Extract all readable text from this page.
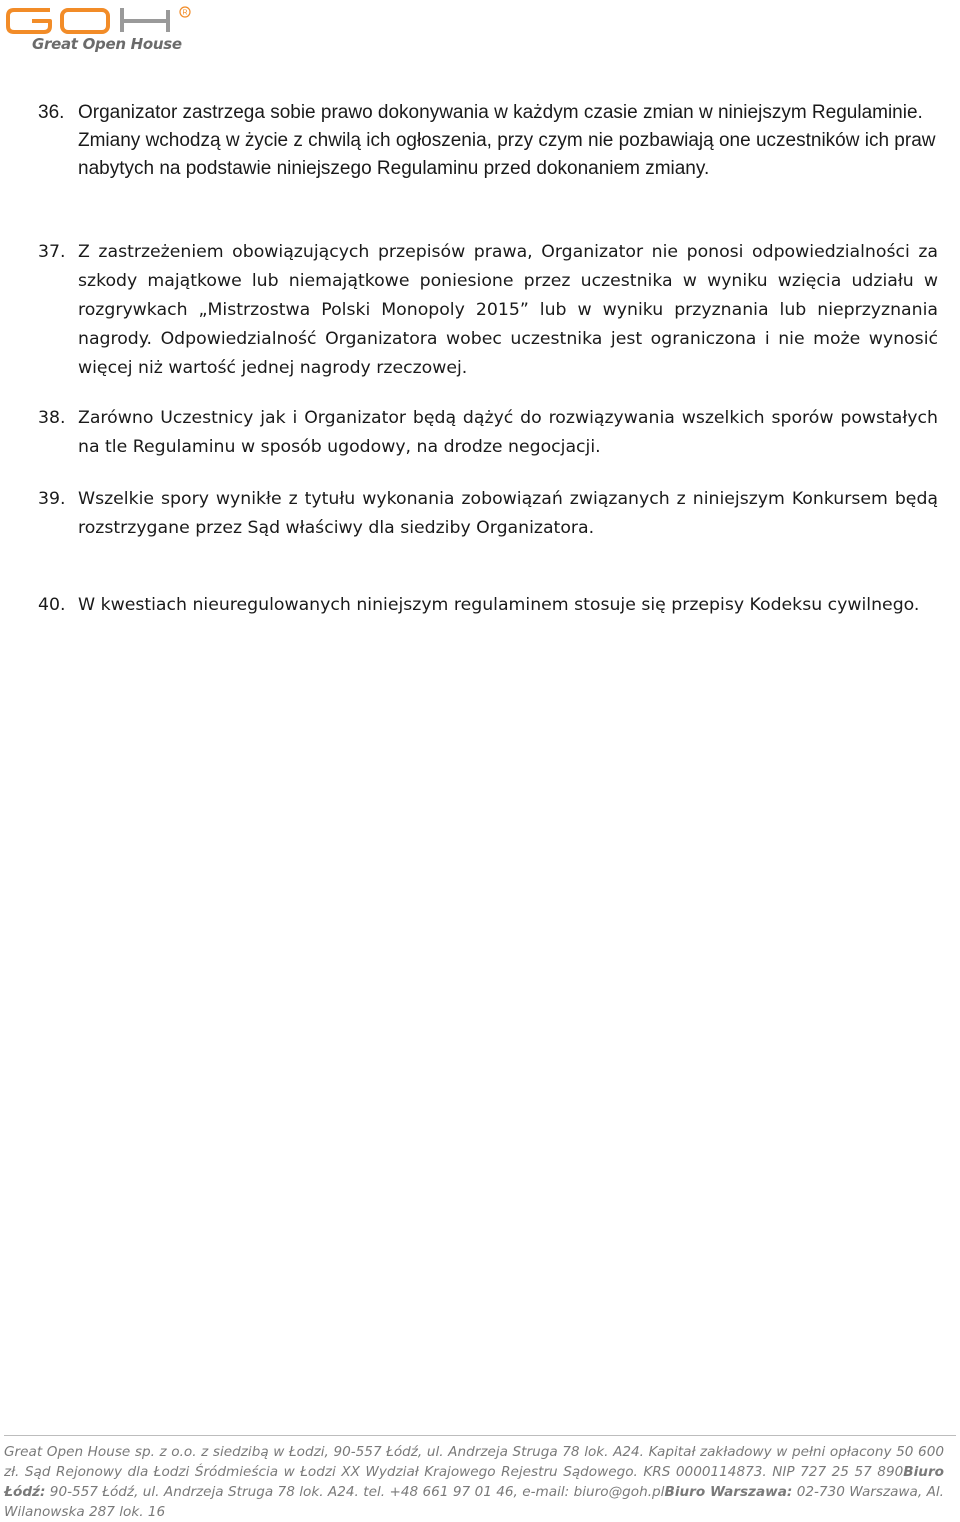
R
Great Open House
36. Organizator zastrzega sobie prawo dokonywania w każdym czasie zmian w niniejszym Regulaminie. Zmiany wchodzą w życie z chwilą ich ogłoszenia, przy czym nie pozbawiają one uczestników ich praw nabytych na podstawie niniejszego Regulaminu przed dokonaniem zmiany.
37. Z zastrzeżeniem obowiązujących przepisów prawa, Organizator nie ponosi odpowiedzialności za szkody majątkowe lub niemajątkowe poniesione przez uczestnika w wyniku wzięcia udziału w rozgrywkach „Mistrzostwa Polski Monopoly 2015” lub w wyniku przyznania lub nieprzyznania nagrody. Odpowiedzialność Organizatora wobec uczestnika jest ograniczona i nie może wynosić więcej niż wartość jednej nagrody rzeczowej.
38. Zarówno Uczestnicy jak i Organizator będą dążyć do rozwiązywania wszelkich sporów powstałych na tle Regulaminu w sposób ugodowy, na drodze negocjacji.
39. Wszelkie spory wynikłe z tytułu wykonania zobowiązań związanych z niniejszym Konkursem będą rozstrzygane przez Sąd właściwy dla siedziby Organizatora.
40. W kwestiach nieuregulowanych niniejszym regulaminem stosuje się przepisy Kodeksu cywilnego.
Great Open House sp. z o.o. z siedzibą w Łodzi, 90-557 Łódź, ul. Andrzeja Struga 78 lok. A24. Kapitał zakładowy w pełni opłacony 50 600 zł. Sąd Rejonowy dla Łodzi Śródmieścia w Łodzi XX Wydział Krajowego Rejestru Sądowego. KRS 0000114873. NIP 727 25 57 890Biuro Łódź: 90-557 Łódź, ul. Andrzeja Struga 78 lok. A24. tel. +48 661 97 01 46, e-mail: biuro@goh.plBiuro Warszawa: 02-730 Warszawa, Al. Wilanowska 287 lok. 16
